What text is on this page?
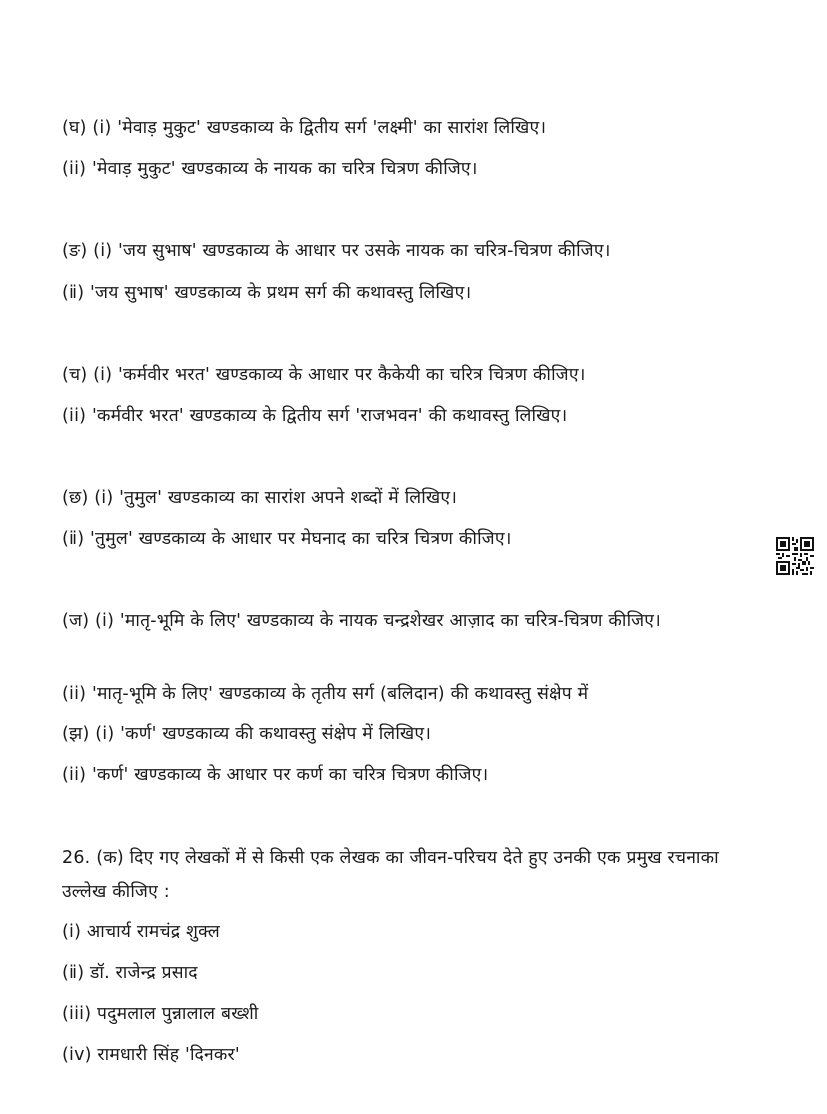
(घ) (i) 'मेवाड़ मुकुट' खण्डकाव्य के द्वितीय सर्ग 'लक्ष्मी' का सारांश लिखिए।
(ii) 'मेवाड़ मुकुट' खण्डकाव्य के नायक का चरित्र चित्रण कीजिए।
(ङ) (i) 'जय सुभाष' खण्डकाव्य के आधार पर उसके नायक का चरित्र-चित्रण कीजिए।
(ⅱ) 'जय सुभाष' खण्डकाव्य के प्रथम सर्ग की कथावस्तु लिखिए।
(च) (i) 'कर्मवीर भरत' खण्डकाव्य के आधार पर कैकेयी का चरित्र चित्रण कीजिए।
(ii) 'कर्मवीर भरत' खण्डकाव्य के द्वितीय सर्ग 'राजभवन' की कथावस्तु लिखिए।
(छ) (i) 'तुमुल' खण्डकाव्य का सारांश अपने शब्दों में लिखिए।
(ⅱ) 'तुमुल' खण्डकाव्य के आधार पर मेघनाद का चरित्र चित्रण कीजिए।
(ज) (i) 'मातृ-भूमि के लिए' खण्डकाव्य के नायक चन्द्रशेखर आज़ाद का चरित्र-चित्रण कीजिए।
(ii) 'मातृ-भूमि के लिए' खण्डकाव्य के तृतीय सर्ग (बलिदान) की कथावस्तु संक्षेप में
(झ) (i) 'कर्ण' खण्डकाव्य की कथावस्तु संक्षेप में लिखिए।
(ii) 'कर्ण' खण्डकाव्य के आधार पर कर्ण का चरित्र चित्रण कीजिए।
26. (क) दिए गए लेखकों में से किसी एक लेखक का जीवन-परिचय देते हुए उनकी एक प्रमुख रचनाका उल्लेख कीजिए :
(i) आचार्य रामचंद्र शुक्ल
(ⅱ) डॉ. राजेन्द्र प्रसाद
(iii) पदुमलाल पुन्नालाल बख्शी
(iv) रामधारी सिंह 'दिनकर'
